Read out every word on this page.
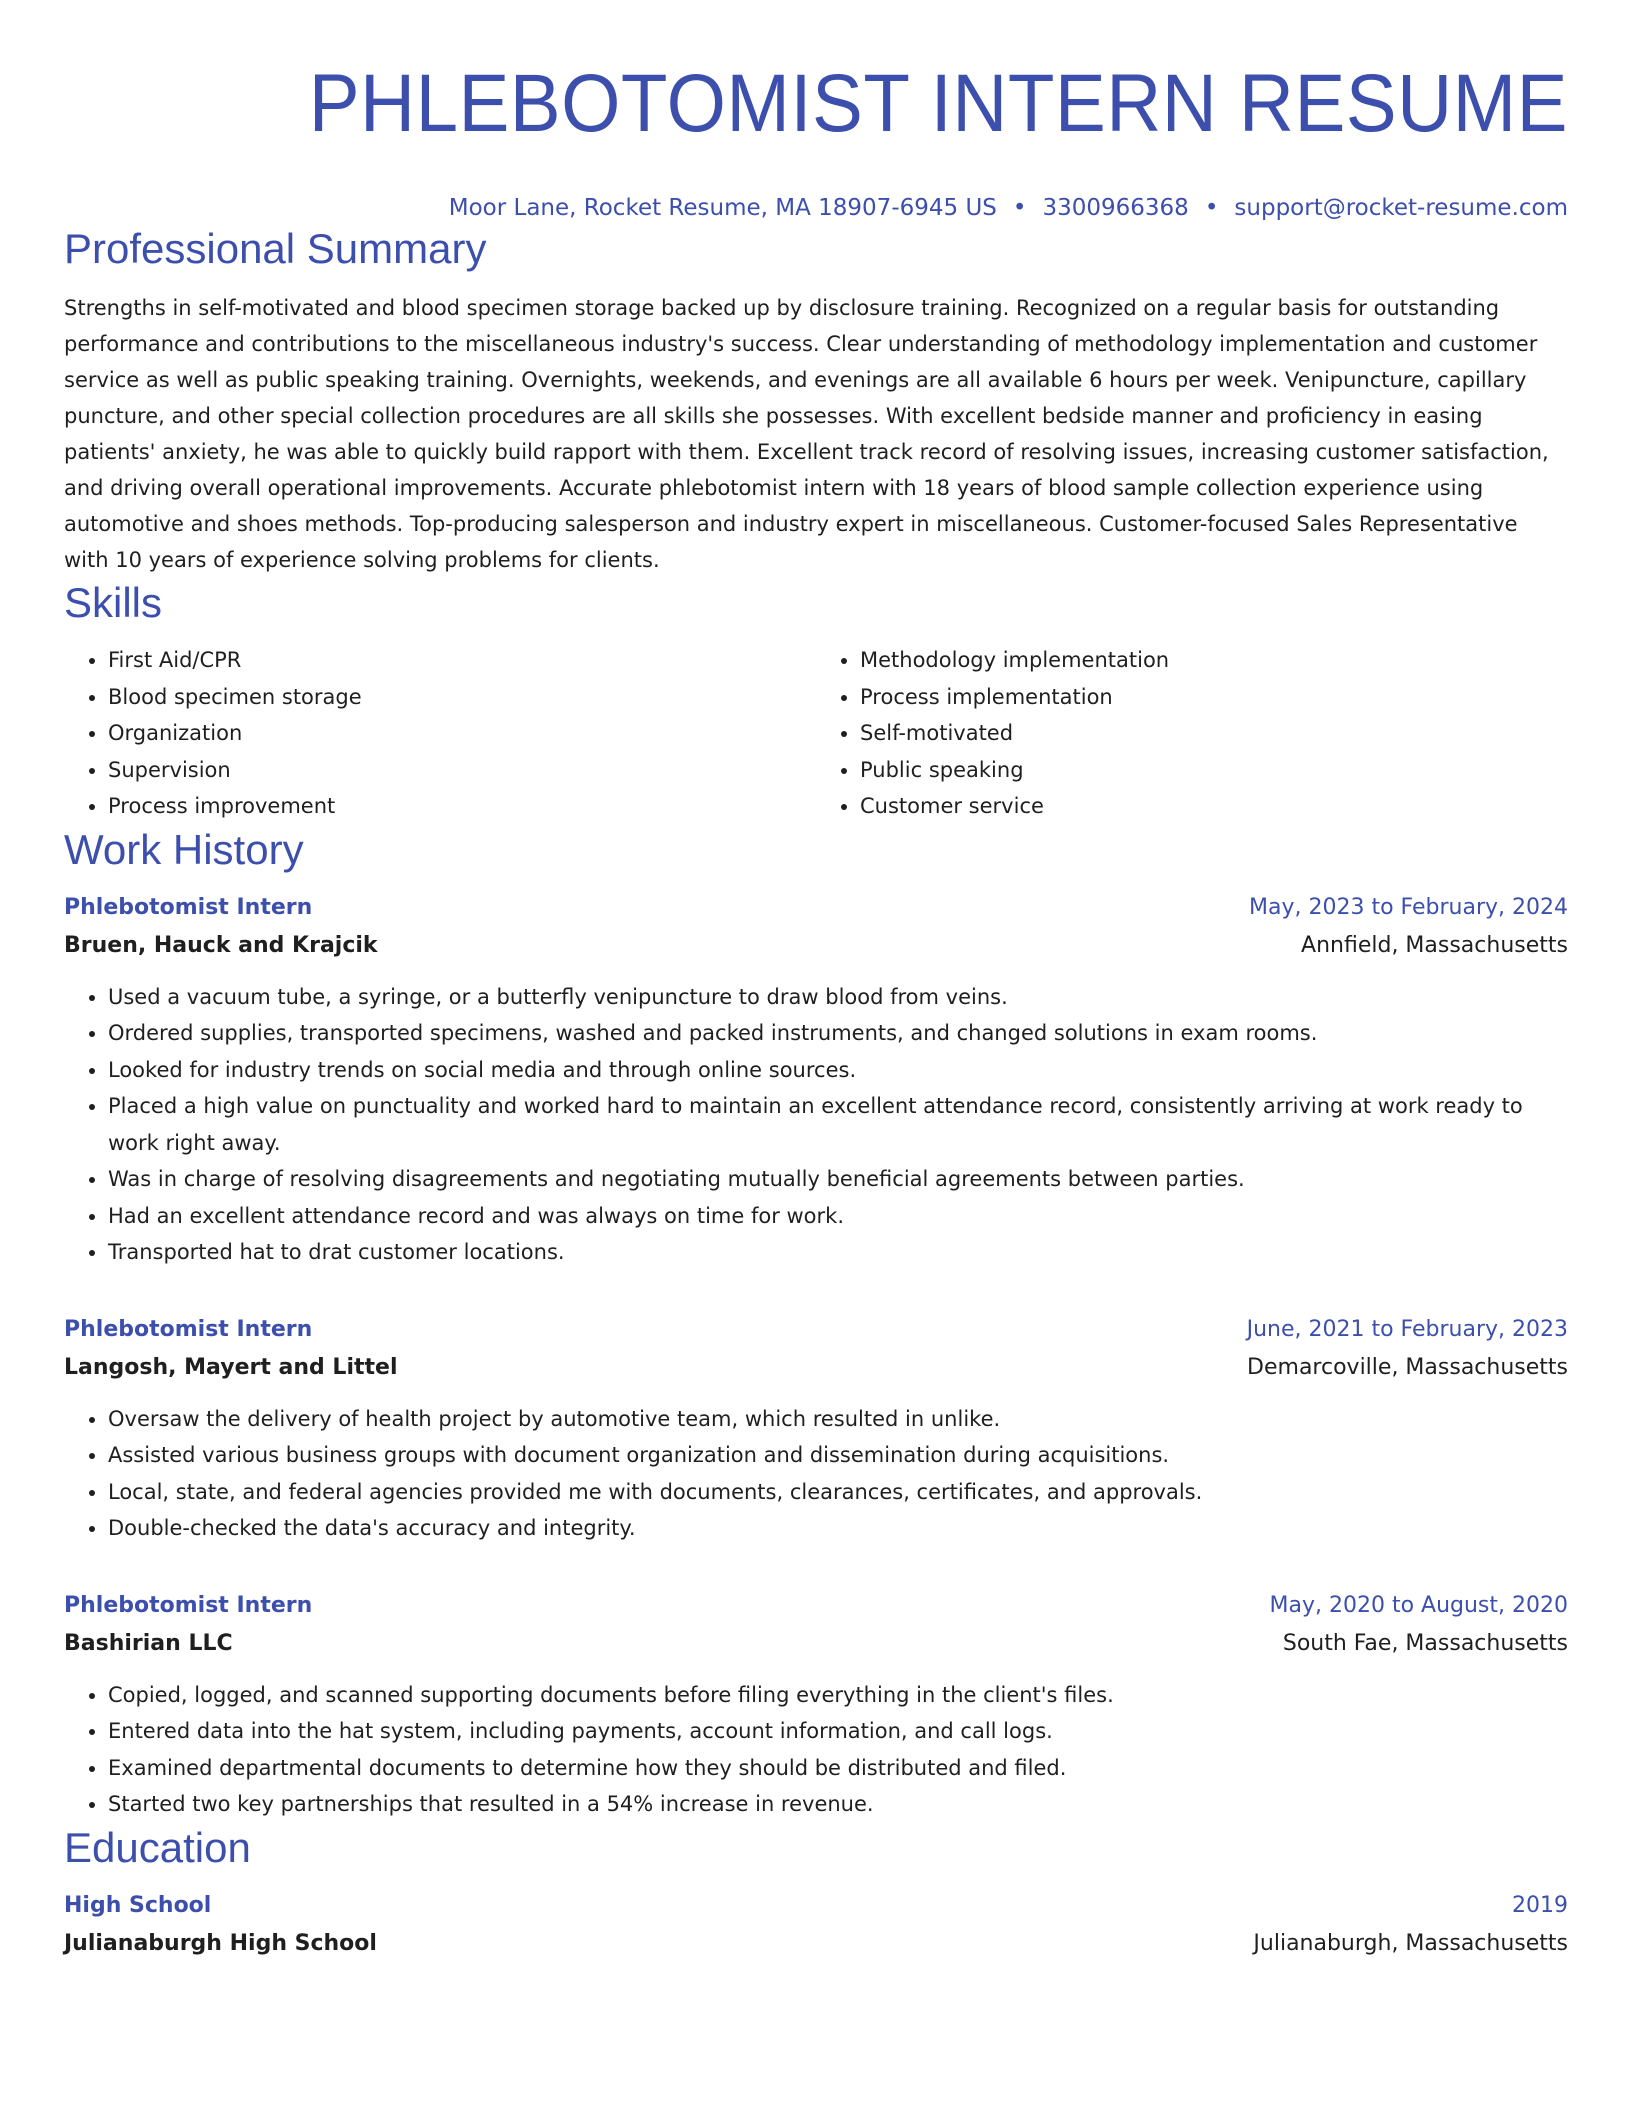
PHLEBOTOMIST INTERN RESUME
Moor Lane, Rocket Resume, MA 18907-6945 US • 3300966368 • support@rocket-resume.com
Professional Summary
Strengths in self-motivated and blood specimen storage backed up by disclosure training. Recognized on a regular basis for outstanding performance and contributions to the miscellaneous industry's success. Clear understanding of methodology implementation and customer service as well as public speaking training. Overnights, weekends, and evenings are all available 6 hours per week. Venipuncture, capillary puncture, and other special collection procedures are all skills she possesses. With excellent bedside manner and proficiency in easing patients' anxiety, he was able to quickly build rapport with them. Excellent track record of resolving issues, increasing customer satisfaction, and driving overall operational improvements. Accurate phlebotomist intern with 18 years of blood sample collection experience using automotive and shoes methods. Top-producing salesperson and industry expert in miscellaneous. Customer-focused Sales Representative with 10 years of experience solving problems for clients.
Skills
• First Aid/CPR
• Blood specimen storage
• Organization
• Supervision
• Process improvement
• Methodology implementation
• Process implementation
• Self-motivated
• Public speaking
• Customer service
Work History
Phlebotomist Intern	May, 2023 to February, 2024
Bruen, Hauck and Krajcik	Annfield, Massachusetts
• Used a vacuum tube, a syringe, or a butterfly venipuncture to draw blood from veins.
• Ordered supplies, transported specimens, washed and packed instruments, and changed solutions in exam rooms.
• Looked for industry trends on social media and through online sources.
• Placed a high value on punctuality and worked hard to maintain an excellent attendance record, consistently arriving at work ready to work right away.
• Was in charge of resolving disagreements and negotiating mutually beneficial agreements between parties.
• Had an excellent attendance record and was always on time for work.
• Transported hat to drat customer locations.
Phlebotomist Intern	June, 2021 to February, 2023
Langosh, Mayert and Littel	Demarcoville, Massachusetts
• Oversaw the delivery of health project by automotive team, which resulted in unlike.
• Assisted various business groups with document organization and dissemination during acquisitions.
• Local, state, and federal agencies provided me with documents, clearances, certificates, and approvals.
• Double-checked the data's accuracy and integrity.
Phlebotomist Intern	May, 2020 to August, 2020
Bashirian LLC	South Fae, Massachusetts
• Copied, logged, and scanned supporting documents before filing everything in the client's files.
• Entered data into the hat system, including payments, account information, and call logs.
• Examined departmental documents to determine how they should be distributed and filed.
• Started two key partnerships that resulted in a 54% increase in revenue.
Education
High School	2019
Julianaburgh High School	Julianaburgh, Massachusetts
